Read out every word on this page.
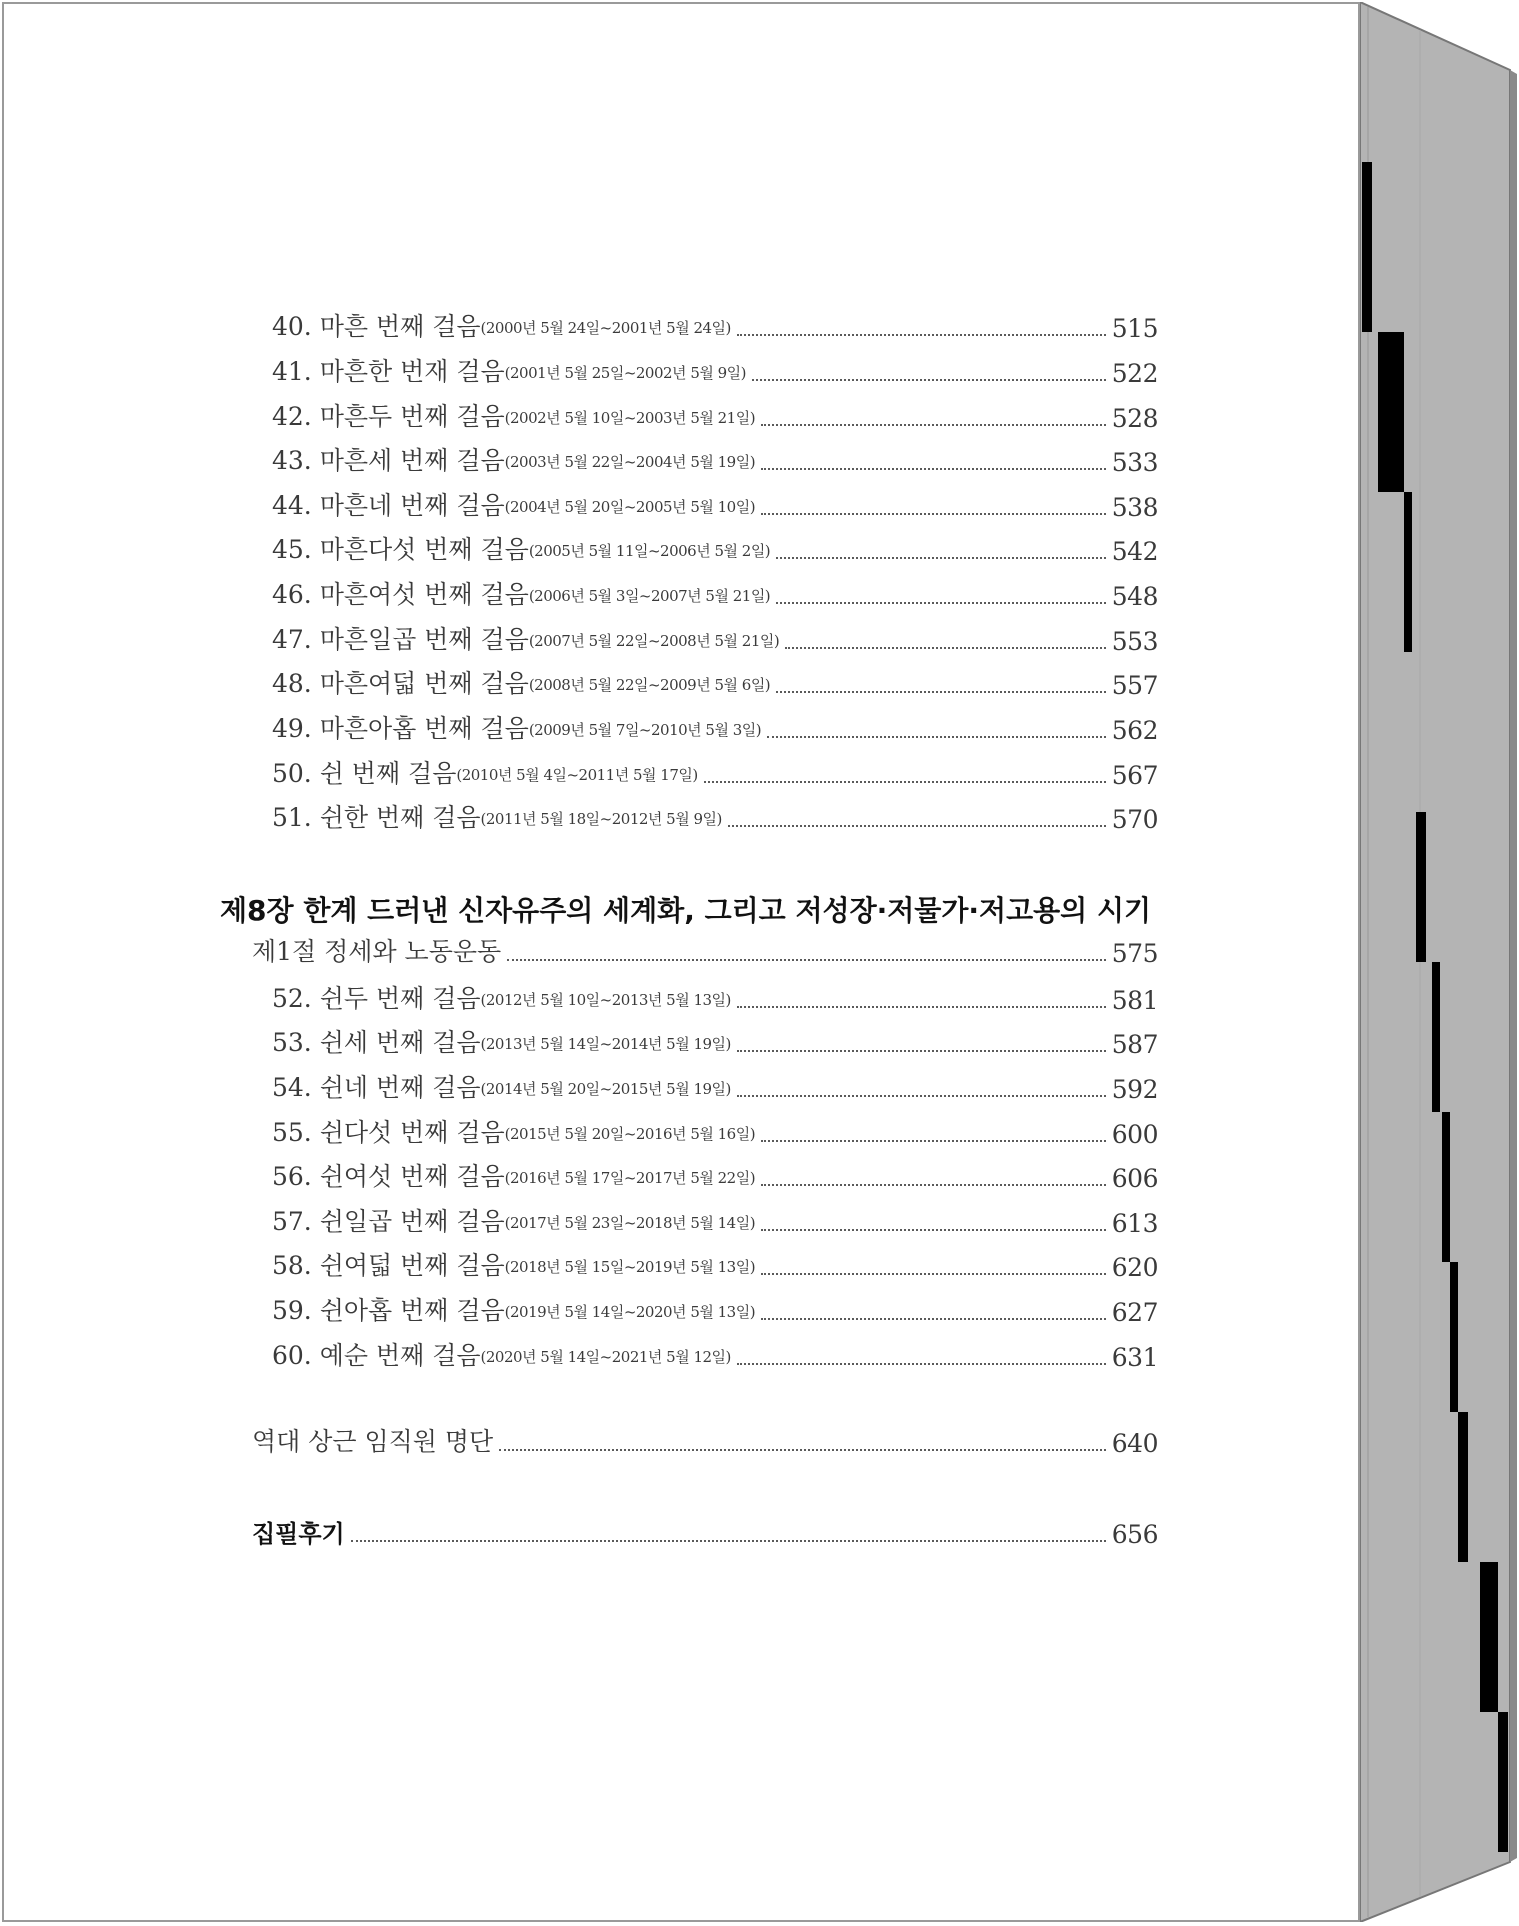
40. 마흔 번째 걸음 (2000년 5월 24일~2001년 5월 24일)	515
41. 마흔한 번재 걸음 (2001년 5월 25일~2002년 5월 9일)	522
42. 마흔두 번째 걸음 (2002년 5월 10일~2003년 5월 21일)	528
43. 마흔세 번째 걸음 (2003년 5월 22일~2004년 5월 19일)	533
44. 마흔네 번째 걸음 (2004년 5월 20일~2005년 5월 10일)	538
45. 마흔다섯 번째 걸음 (2005년 5월 11일~2006년 5월 2일)	542
46. 마흔여섯 번째 걸음 (2006년 5월 3일~2007년 5월 21일)	548
47. 마흔일곱 번째 걸음 (2007년 5월 22일~2008년 5월 21일)	553
48. 마흔여덟 번째 걸음 (2008년 5월 22일~2009년 5월 6일)	557
49. 마흔아홉 번째 걸음 (2009년 5월 7일~2010년 5월 3일)	562
50. 쉰 번째 걸음 (2010년 5월 4일~2011년 5월 17일)	567
51. 쉰한 번째 걸음 (2011년 5월 18일~2012년 5월 9일)	570
제8장 한계 드러낸 신자유주의 세계화, 그리고 저성장·저물가·저고용의 시기
제1절 정세와 노동운동	575
52. 쉰두 번째 걸음 (2012년 5월 10일~2013년 5월 13일)	581
53. 쉰세 번째 걸음 (2013년 5월 14일~2014년 5월 19일)	587
54. 쉰네 번째 걸음 (2014년 5월 20일~2015년 5월 19일)	592
55. 쉰다섯 번째 걸음 (2015년 5월 20일~2016년 5월 16일)	600
56. 쉰여섯 번째 걸음 (2016년 5월 17일~2017년 5월 22일)	606
57. 쉰일곱 번째 걸음 (2017년 5월 23일~2018년 5월 14일)	613
58. 쉰여덟 번째 걸음 (2018년 5월 15일~2019년 5월 13일)	620
59. 쉰아홉 번째 걸음 (2019년 5월 14일~2020년 5월 13일)	627
60. 예순 번째 걸음 (2020년 5월 14일~2021년 5월 12일)	631
역대 상근 임직원 명단	640
집필후기	656
